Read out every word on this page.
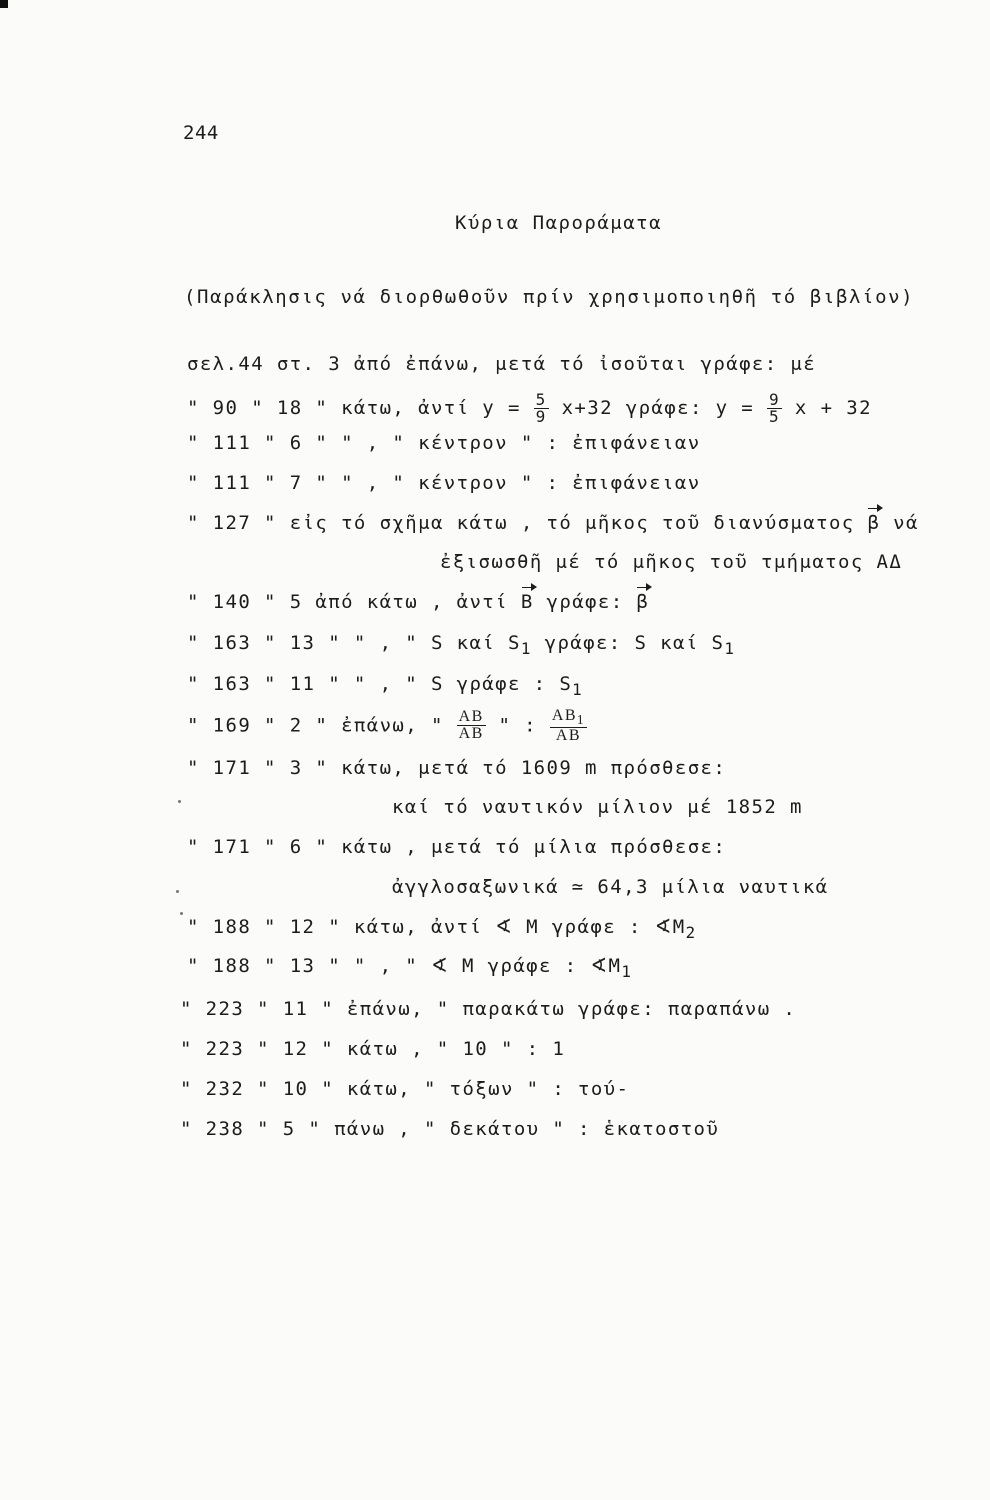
244
Κύρια Παροράματα
(Παράκλησις νά διορθωθοῦν πρίν χρησιμοποιηθῆ τό βιβλίον)
σελ.44 στ. 3 ἀπό ἐπάνω, μετά τό ἰσοῦται γράφε: μέ
" 90 " 18 " κάτω, ἀντί $y = \frac{5}{9} x+32$ γράφε: $y = \frac{9}{5}$ x + 32
" 111 " 6 " " , " κέντρον " : ἐπιφάνειαν
" 111 " 7 " " , " κέντρον " : ἐπιφάνειαν
" 127 " εἰς τό σχῆμα κάτω , τό μῆκος τοῦ διανύσματος β νά
ἐξισωσθῆ μέ τό μῆκος τοῦ τμήματος ΑΔ
" 140 " 5 ἀπό κάτω , ἀντί B γράφε: β
" 163 " 13 " " , " S καί $S_1$ γράφε: S καί $S_1$
" 163 " 11 " " , " S γράφε : $S_1$
" 169 " 2 " ἐπάνω, " $\frac{AB}{AB}$ " : $\frac{AB_1}{AB}$
" 171 " 3 " κάτω, μετά τό 1609 m πρόσθεσε:
καί τό ναυτικόν μίλιον μέ 1852 m
" 171 " 6 " κάτω , μετά τό μίλια πρόσθεσε:
ἀγγλοσαξωνικά ≃ 64,3 μίλια ναυτικά
" 188 " 12 " κάτω, ἀντί ∢ M γράφε : $∢M_2$
" 188 " 13 " " , " ∢ M γράφε : $∢M_1$
" 223 " 11 " ἐπάνω, " παρακάτω γράφε: παραπάνω .
" 223 " 12 " κάτω , " 10 " : 1
" 232 " 10 " κάτω, " τόξων " : τού-
" 238 " 5 " πάνω , " δεκάτου " : ἑκατοστοῦ
